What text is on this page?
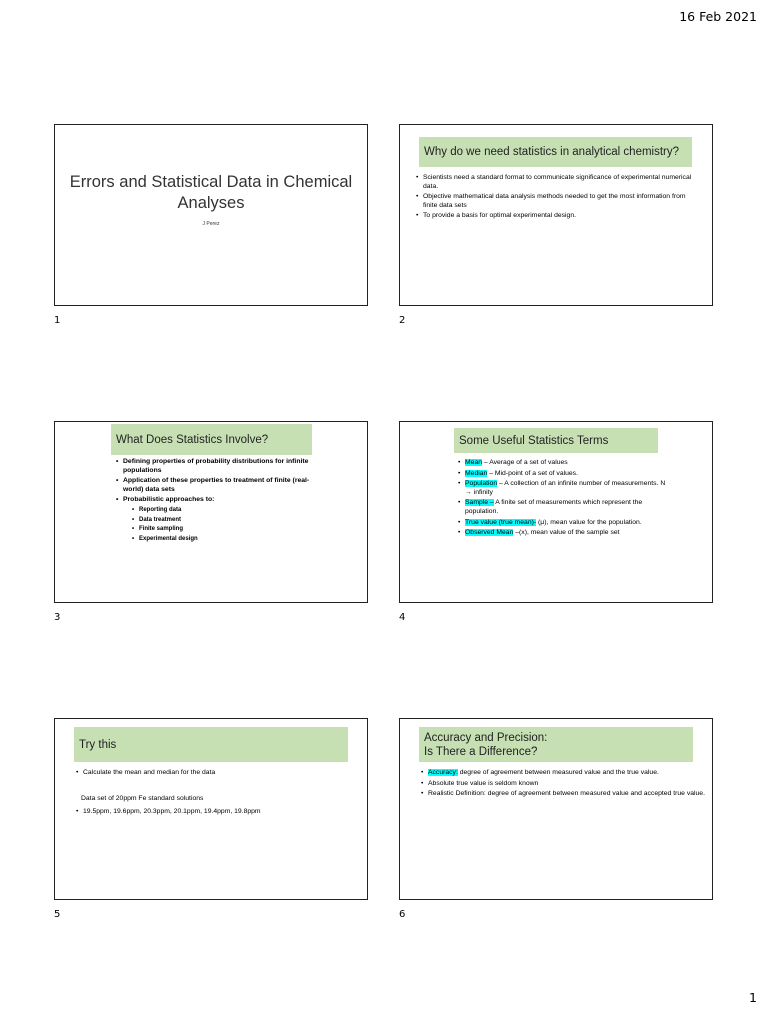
16 Feb 2021
Errors and Statistical Data in Chemical Analyses
J Perez
1
Why do we need statistics in analytical chemistry?
• Scientists need a standard format to communicate significance of experimental numerical data.
• Objective mathematical data analysis methods needed to get the most information from finite data sets
• To provide a basis for optimal experimental design.
2
What Does Statistics Involve?
• Defining properties of probability distributions for infinite populations
• Application of these properties to treatment of finite (real-world) data sets
• Probabilistic approaches to:
• Reporting data
• Data treatment
• Finite sampling
• Experimental design
3
Some Useful Statistics Terms
• Mean – Average of a set of values
• Median – Mid-point of a set of values.
• Population – A collection of an infinite number of measurements. N → infinity
• Sample – A finite set of measurements which represent the population.
• True value (true mean)- (μ), mean value for the population.
• Observed Mean –(x), mean value of the sample set
4
Try this
• Calculate the mean and median for the data
Data set of 20ppm Fe standard solutions
• 19.5ppm, 19.6ppm, 20.3ppm, 20.1ppm, 19.4ppm, 19.8ppm
5
Accuracy and Precision:
Is There a Difference?
• Accuracy: degree of agreement between measured value and the true value.
• Absolute true value is seldom known
• Realistic Definition: degree of agreement between measured value and accepted true value.
6
1
